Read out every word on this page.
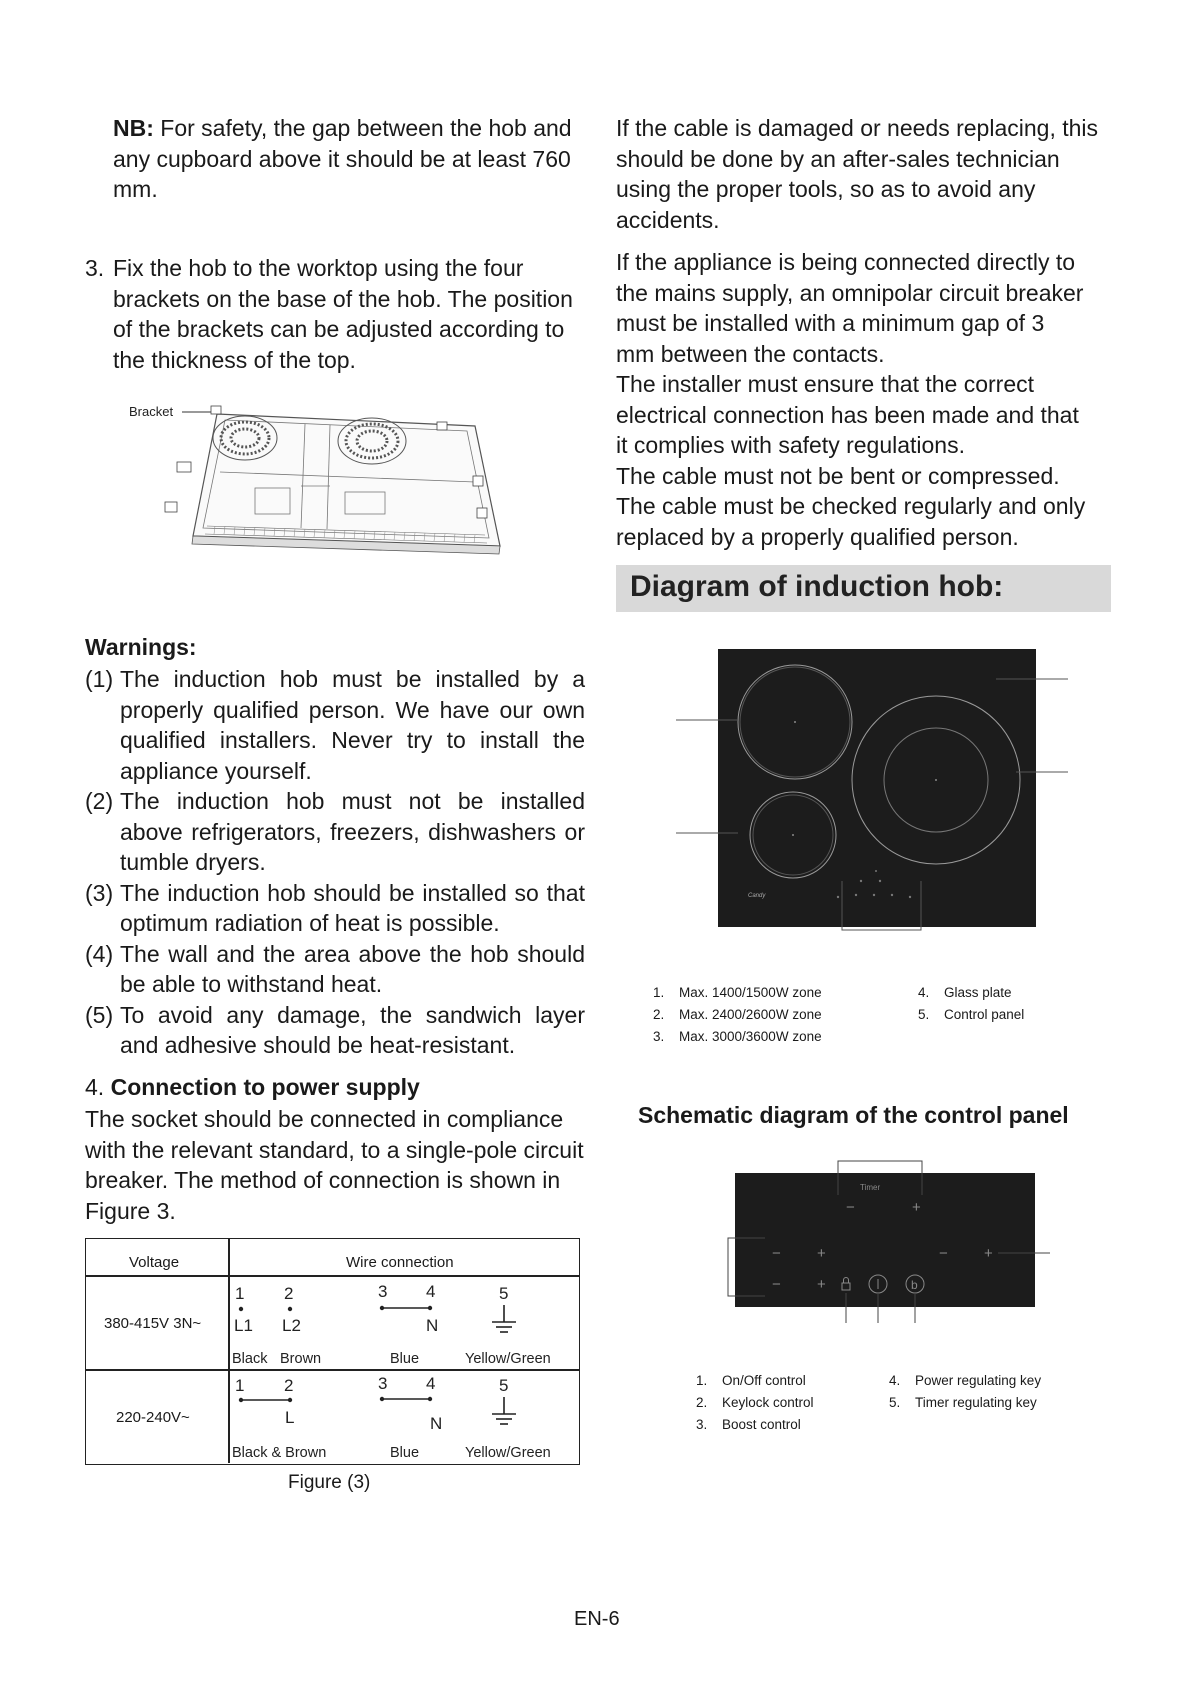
NB: For safety, the gap between the hob and any cupboard above it should be at least 760 mm.

3. Fix the hob to the worktop using the four brackets on the base of the hob. The position of the brackets can be adjusted according to the thickness of the top.
Bracket
Warnings:
(1) The induction hob must be installed by a properly qualified person. We have our own qualified installers. Never try to install the appliance yourself.
(2) The induction hob must not be installed above refrigerators, freezers, dishwashers or tumble dryers.
(3) The induction hob should be installed so that optimum radiation of heat is possible.
(4) The wall and the area above the hob should be able to withstand heat.
(5) To avoid any damage, the sandwich layer and adhesive should be heat-resistant.
4. Connection to power supply

The socket should be connected in compliance with the relevant standard, to a single-pole circuit breaker. The method of connection is shown in Figure 3.

Voltage	Wire connection
380-415V 3N~
1 2	3 4	5
L1 L2	N
Black Brown	Blue	Yellow/Green
220-240V~
1 2	3 4	5
L	N
Black & Brown	Blue	Yellow/Green
Figure (3)

If the cable is damaged or needs replacing, this should be done by an after-sales technician using the proper tools, so as to avoid any accidents.

If the appliance is being connected directly to
the mains supply, an omnipolar circuit breaker
must be installed with a minimum gap of 3
mm between the contacts.
The installer must ensure that the correct
electrical connection has been made and that
it complies with safety regulations.
The cable must not be bent or compressed.
The cable must be checked regularly and only
replaced by a properly qualified person.
Diagram of induction hob:
Candy
1. Max. 1400/1500W zone
2. Max. 2400/2600W zone
3. Max. 3000/3600W zone
4. Glass plate
5. Control panel
Schematic diagram of the control panel
Timer
−	+
− +	− +
− +	b
1. On/Off control
2. Keylock control
3. Boost control
4. Power regulating key
5. Timer regulating key
EN-6
